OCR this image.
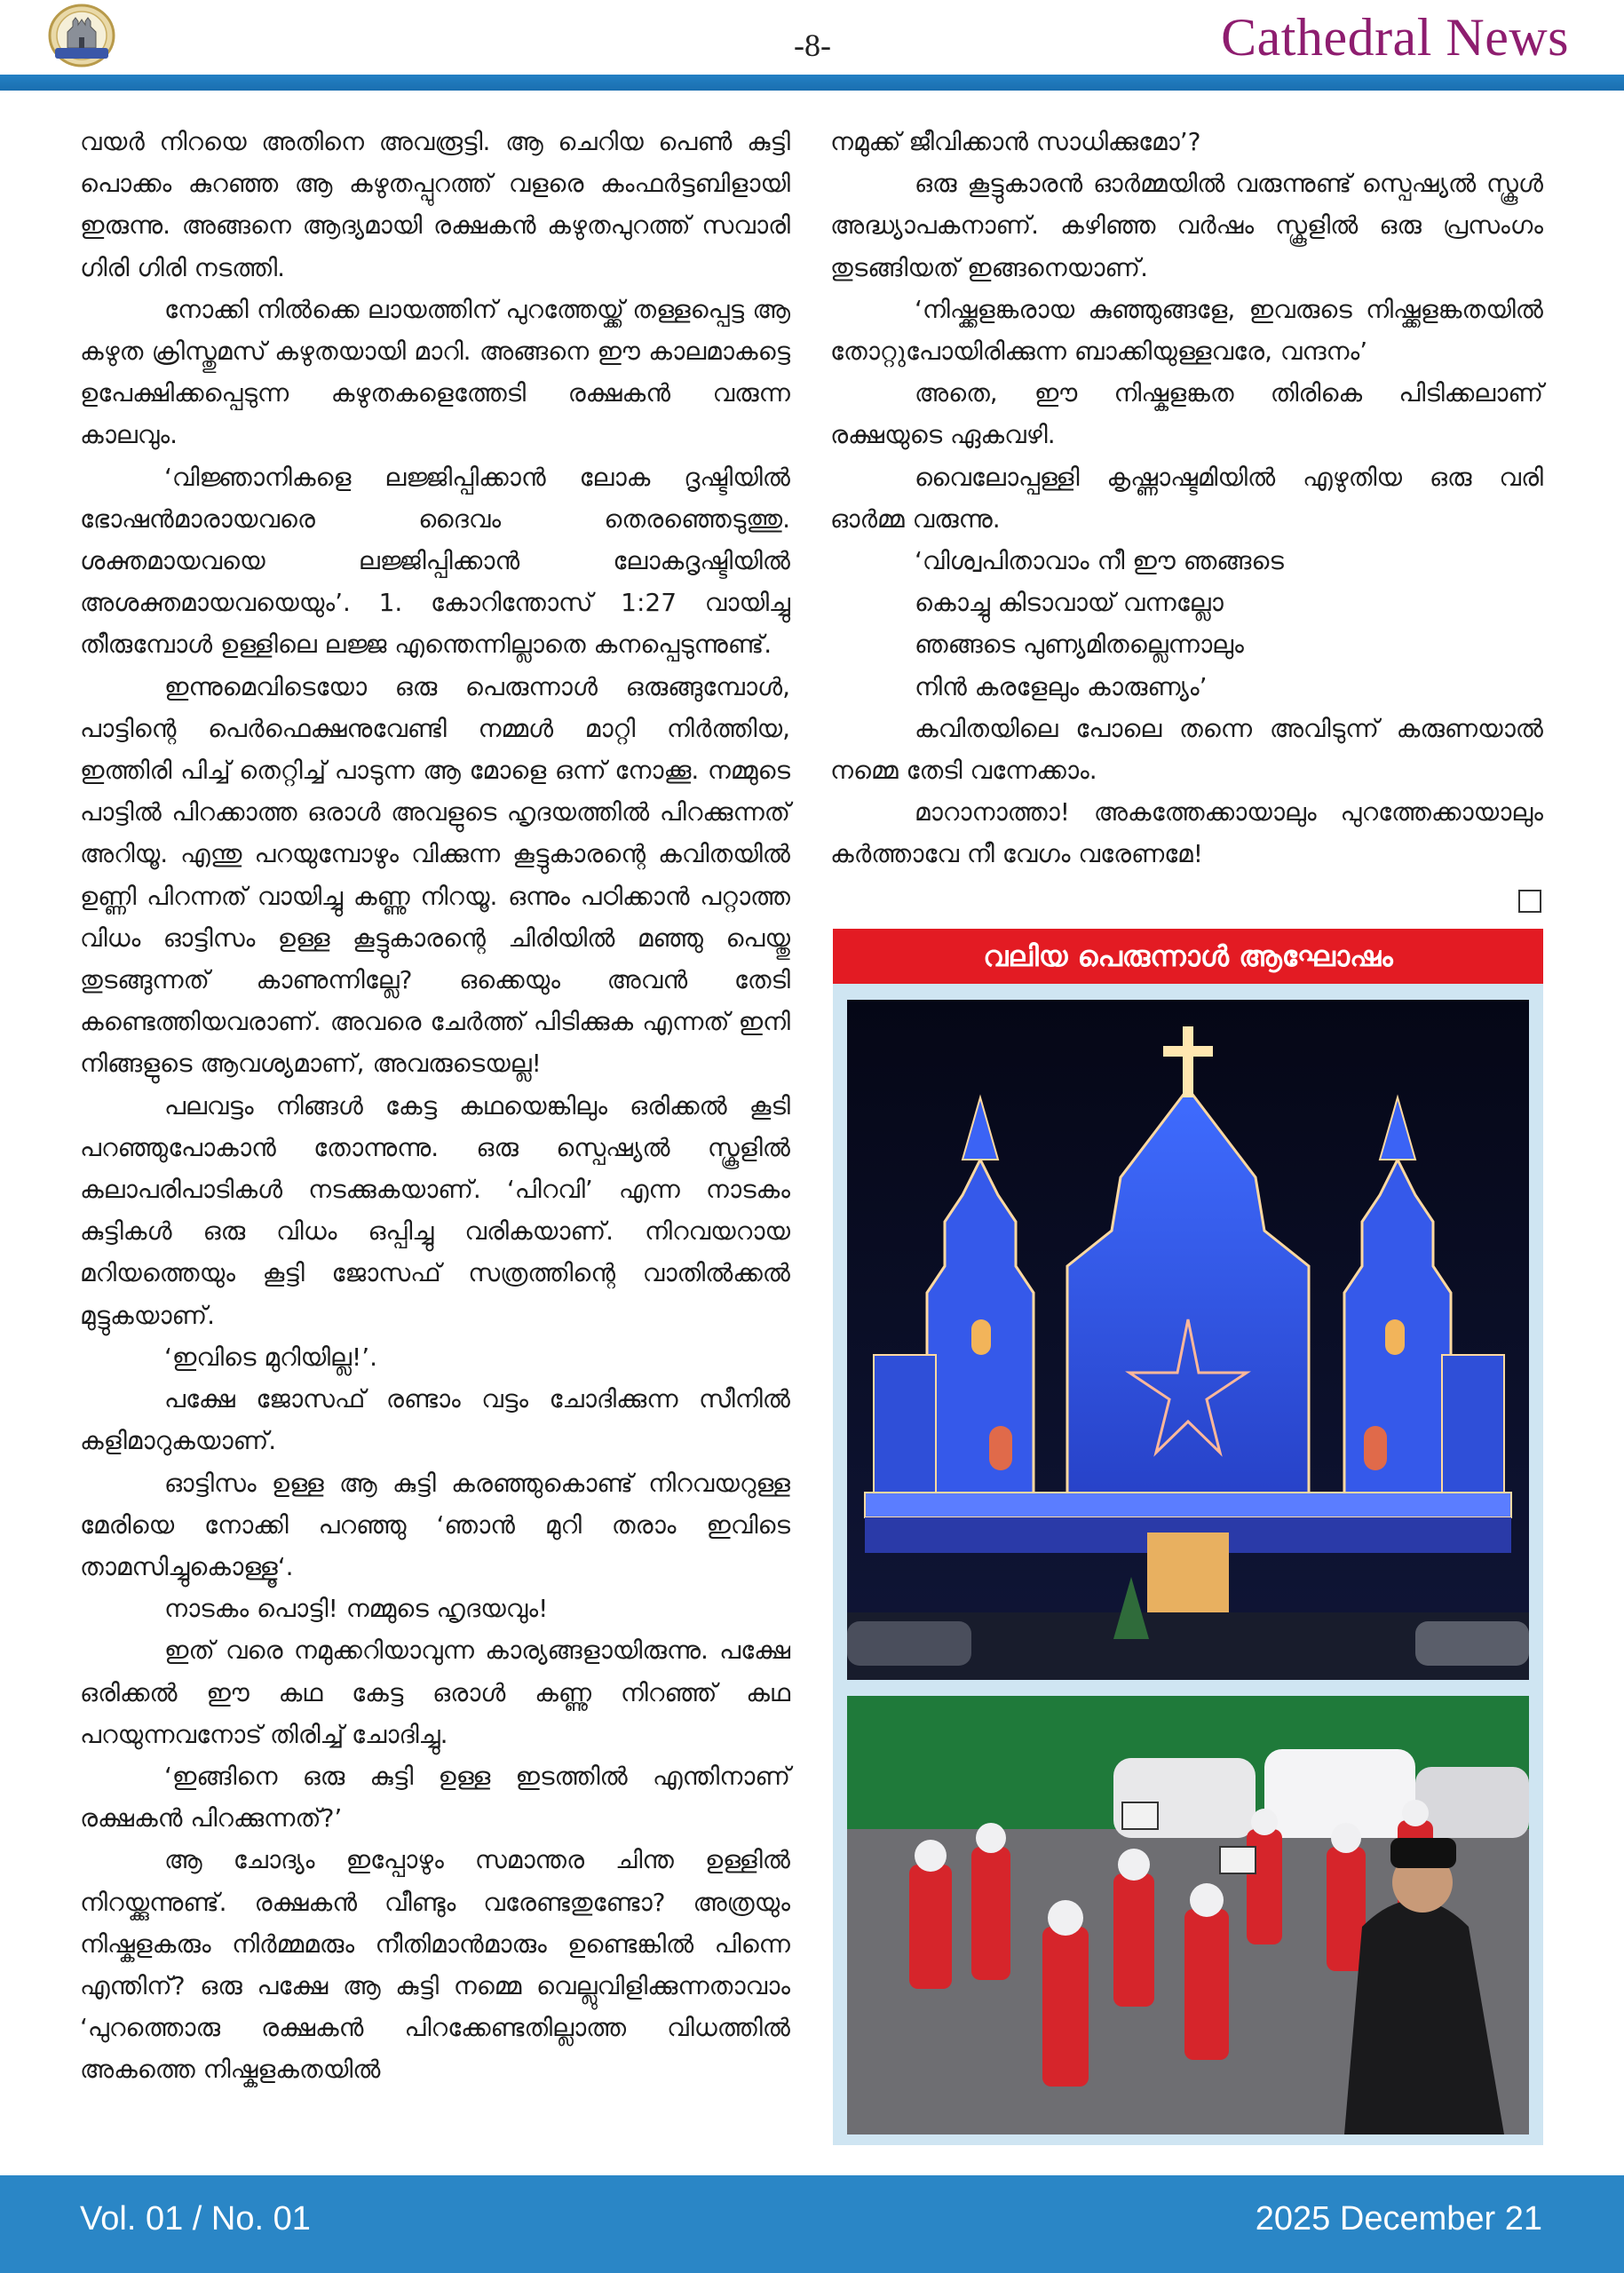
-8-	Cathedral News

വയർ നിറയെ അതിനെ അവരൂട്ടി. ആ ചെറിയ പെൺ കുട്ടി പൊക്കം കുറഞ്ഞ ആ കഴുതപ്പുറത്ത് വളരെ കംഫർട്ടബിളായി ഇരുന്നു. അങ്ങനെ ആദ്യമായി രക്ഷകൻ കഴുതപുറത്ത് സവാരി ഗിരി ഗിരി നടത്തി.

നോക്കി നിൽക്കെ ലായത്തിന് പുറത്തേയ്ക്ക് തള്ളപ്പെട്ട ആ കഴുത ക്രിസ്തുമസ് കഴുതയായി മാറി. അങ്ങനെ ഈ കാലമാകട്ടെ ഉപേക്ഷിക്കപ്പെടുന്ന കഴുതകളെത്തേടി രക്ഷകൻ വരുന്ന കാലവും.

‘വിജ്ഞാനികളെ ലജ്ജിപ്പിക്കാൻ ലോക ദൃഷ്ടിയിൽ ഭോഷൻമാരായവരെ ദൈവം തെരഞ്ഞെടുത്തു. ശക്തമായവയെ ലജ്ജിപ്പിക്കാൻ ലോകദൃഷ്ടിയിൽ അശക്തമായവയെയും’. 1. കോറിന്തോസ് 1:27 വായിച്ചു തീരുമ്പോൾ ഉള്ളിലെ ലജ്ജ എന്തെന്നില്ലാതെ കനപ്പെടുന്നുണ്ട്.

ഇന്നുമെവിടെയോ ഒരു പെരുന്നാൾ ഒരുങ്ങുമ്പോൾ, പാട്ടിന്റെ പെർഫെക്ഷനുവേണ്ടി നമ്മൾ മാറ്റി നിർത്തിയ, ഇത്തിരി പിച്ച് തെറ്റിച്ച് പാടുന്ന ആ മോളെ ഒന്ന് നോക്കൂ. നമ്മുടെ പാട്ടിൽ പിറക്കാത്ത ഒരാൾ അവളുടെ ഹൃദയത്തിൽ പിറക്കുന്നത് അറിയൂ. എന്തു പറയുമ്പോഴും വിക്കുന്ന കൂട്ടുകാരന്റെ കവിതയിൽ ഉണ്ണി പിറന്നത് വായിച്ചു കണ്ണു നിറയൂ. ഒന്നും പഠിക്കാൻ പറ്റാത്ത വിധം ഓട്ടിസം ഉള്ള കൂട്ടുകാരന്റെ ചിരിയിൽ മഞ്ഞു പെയ്തു തുടങ്ങുന്നത് കാണുന്നില്ലേ? ഒക്കെയും അവൻ തേടി കണ്ടെത്തിയവരാണ്. അവരെ ചേർത്ത് പിടിക്കുക എന്നത് ഇനി നിങ്ങളുടെ ആവശ്യമാണ്, അവരുടെയല്ല!

പലവട്ടം നിങ്ങൾ കേട്ട കഥയെങ്കിലും ഒരിക്കൽ കൂടി പറഞ്ഞുപോകാൻ തോന്നുന്നു. ഒരു സ്പെഷ്യൽ സ്കൂളിൽ കലാപരിപാടികൾ നടക്കുകയാണ്. ‘പിറവി’ എന്ന നാടകം കുട്ടികൾ ഒരു വിധം ഒപ്പിച്ചു വരികയാണ്. നിറവയറായ മറിയത്തെയും കൂട്ടി ജോസഫ് സത്രത്തിന്റെ വാതിൽക്കൽ മുട്ടുകയാണ്.

‘ഇവിടെ മുറിയില്ല!’.

പക്ഷേ ജോസഫ് രണ്ടാം വട്ടം ചോദിക്കുന്ന സീനിൽ കളിമാറുകയാണ്.

ഓട്ടിസം ഉള്ള ആ കുട്ടി കരഞ്ഞുകൊണ്ട് നിറവയറുള്ള മേരിയെ നോക്കി പറഞ്ഞു ‘ഞാൻ മുറി തരാം ഇവിടെ താമസിച്ചുകൊള്ളൂ‘.

നാടകം പൊട്ടി! നമ്മുടെ ഹൃദയവും!

ഇത് വരെ നമുക്കറിയാവുന്ന കാര്യങ്ങളായിരുന്നു. പക്ഷേ ഒരിക്കൽ ഈ കഥ കേട്ട ഒരാൾ കണ്ണു നിറഞ്ഞ് കഥ പറയുന്നവനോട് തിരിച്ച് ചോദിച്ചു.

‘ഇങ്ങിനെ ഒരു കുട്ടി ഉള്ള ഇടത്തിൽ എന്തിനാണ് രക്ഷകൻ പിറക്കുന്നത്?’

ആ ചോദ്യം ഇപ്പോഴും സമാന്തര ചിന്ത ഉള്ളിൽ നിറയ്ക്കുന്നുണ്ട്. രക്ഷകൻ വീണ്ടും വരേണ്ടതുണ്ടോ? അത്രയും നിഷ്കളകരും നിർമ്മമരും നീതിമാൻമാരും ഉണ്ടെങ്കിൽ പിന്നെ എന്തിന്? ഒരു പക്ഷേ ആ കുട്ടി നമ്മെ വെല്ലുവിളിക്കുന്നതാവാം ‘പുറത്തൊരു രക്ഷകൻ പിറക്കേണ്ടതില്ലാത്ത വിധത്തിൽ അകത്തെ നിഷ്കളകതയിൽ

നമുക്ക് ജീവിക്കാൻ സാധിക്കുമോ’?

ഒരു കൂട്ടുകാരൻ ഓർമ്മയിൽ വരുന്നുണ്ട് സ്പെഷ്യൽ സ്കൂൾ അദ്ധ്യാപകനാണ്. കഴിഞ്ഞ വർഷം സ്കൂളിൽ ഒരു പ്രസംഗം തുടങ്ങിയത് ഇങ്ങനെയാണ്.

‘നിഷ്ക്കളങ്കരായ കുഞ്ഞുങ്ങളേ, ഇവരുടെ നിഷ്ക്കളങ്കതയിൽ തോറ്റുപോയിരിക്കുന്ന ബാക്കിയുള്ളവരേ, വന്ദനം’

അതെ, ഈ നിഷ്കളങ്കത തിരികെ പിടിക്കലാണ് രക്ഷയുടെ ഏകവഴി.

വൈലോപ്പള്ളി കൃഷ്ണാഷ്ടമിയിൽ എഴുതിയ ഒരു വരി ഓർമ്മ വരുന്നു.

‘വിശ്വപിതാവാം നീ ഈ ഞങ്ങടെ

കൊച്ചു കിടാവായ് വന്നല്ലോ

ഞങ്ങടെ പുണ്യമിതല്ലെന്നാലും

നിൻ കരളേലും കാരുണ്യം’

കവിതയിലെ പോലെ തന്നെ അവിടുന്ന് കരുണയാൽ നമ്മെ തേടി വന്നേക്കാം.

മാറാനാത്താ! അകത്തേക്കായാലും പുറത്തേക്കായാലും കർത്താവേ നീ വേഗം വരേണമേ!

വലിയ പെരുന്നാൾ ആഘോഷം
Vol. 01 / No. 01	2025 December 21
